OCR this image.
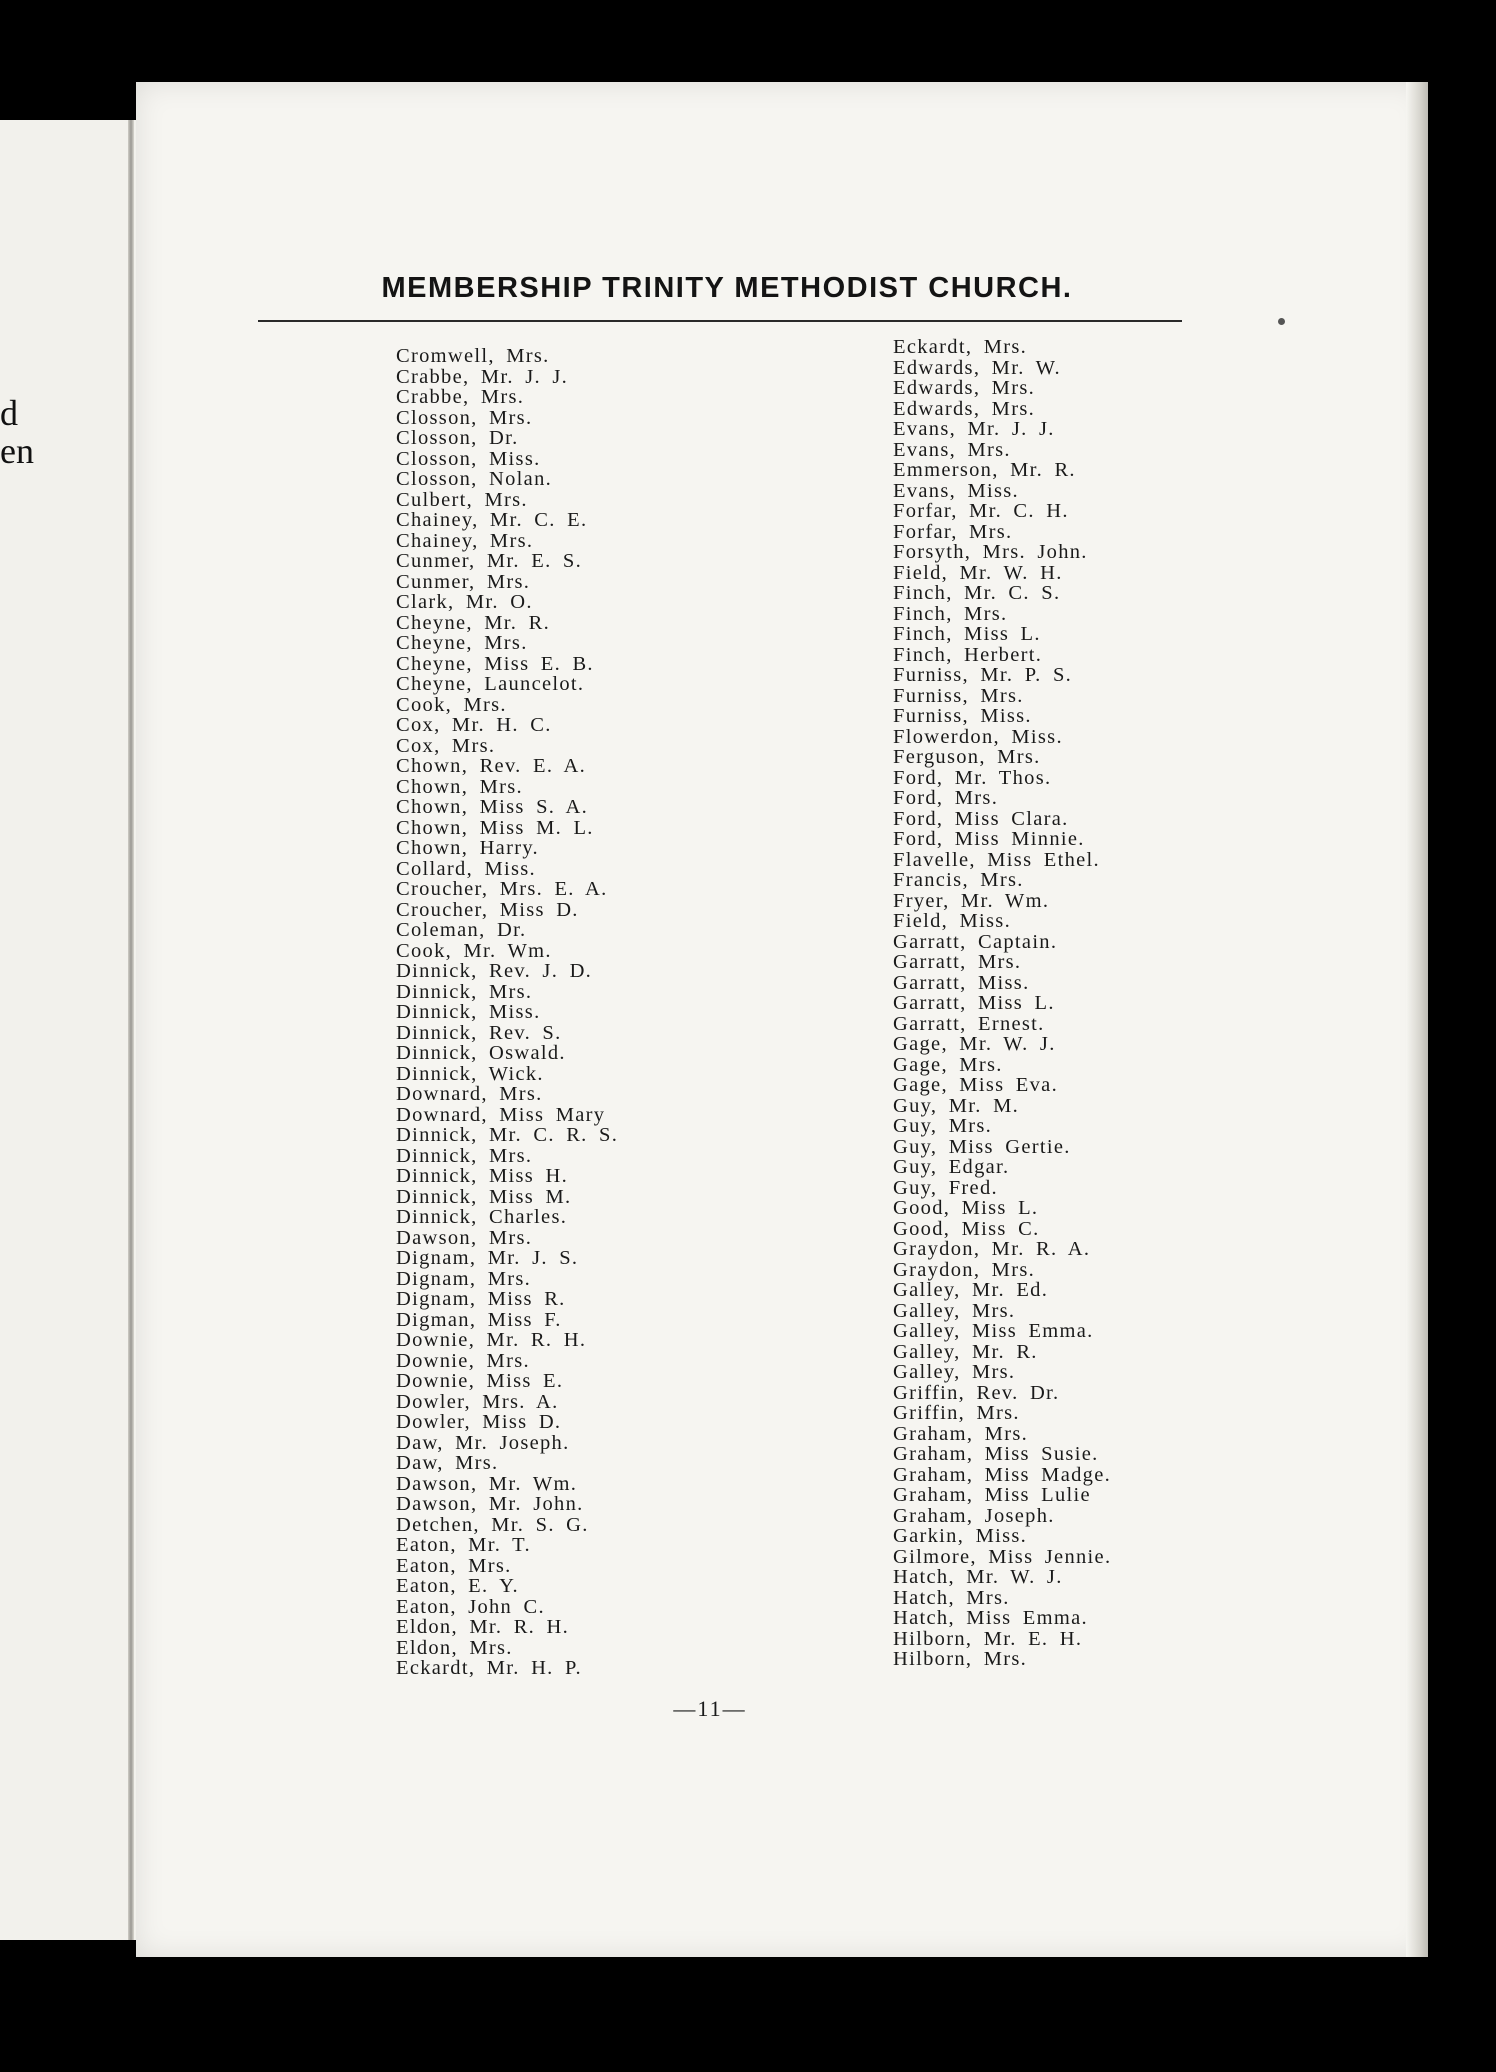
d
en
MEMBERSHIP TRINITY METHODIST CHURCH.
Cromwell, Mrs.
Crabbe, Mr. J. J.
Crabbe, Mrs.
Closson, Mrs.
Closson, Dr.
Closson, Miss.
Closson, Nolan.
Culbert, Mrs.
Chainey, Mr. C. E.
Chainey, Mrs.
Cunmer, Mr. E. S.
Cunmer, Mrs.
Clark, Mr. O.
Cheyne, Mr. R.
Cheyne, Mrs.
Cheyne, Miss E. B.
Cheyne, Launcelot.
Cook, Mrs.
Cox, Mr. H. C.
Cox, Mrs.
Chown, Rev. E. A.
Chown, Mrs.
Chown, Miss S. A.
Chown, Miss M. L.
Chown, Harry.
Collard, Miss.
Croucher, Mrs. E. A.
Croucher, Miss D.
Coleman, Dr.
Cook, Mr. Wm.
Dinnick, Rev. J. D.
Dinnick, Mrs.
Dinnick, Miss.
Dinnick, Rev. S.
Dinnick, Oswald.
Dinnick, Wick.
Downard, Mrs.
Downard, Miss Mary
Dinnick, Mr. C. R. S.
Dinnick, Mrs.
Dinnick, Miss H.
Dinnick, Miss M.
Dinnick, Charles.
Dawson, Mrs.
Dignam, Mr. J. S.
Dignam, Mrs.
Dignam, Miss R.
Digman, Miss F.
Downie, Mr. R. H.
Downie, Mrs.
Downie, Miss E.
Dowler, Mrs. A.
Dowler, Miss D.
Daw, Mr. Joseph.
Daw, Mrs.
Dawson, Mr. Wm.
Dawson, Mr. John.
Detchen, Mr. S. G.
Eaton, Mr. T.
Eaton, Mrs.
Eaton, E. Y.
Eaton, John C.
Eldon, Mr. R. H.
Eldon, Mrs.
Eckardt, Mr. H. P.
Eckardt, Mrs.
Edwards, Mr. W.
Edwards, Mrs.
Edwards, Mrs.
Evans, Mr. J. J.
Evans, Mrs.
Emmerson, Mr. R.
Evans, Miss.
Forfar, Mr. C. H.
Forfar, Mrs.
Forsyth, Mrs. John.
Field, Mr. W. H.
Finch, Mr. C. S.
Finch, Mrs.
Finch, Miss L.
Finch, Herbert.
Furniss, Mr. P. S.
Furniss, Mrs.
Furniss, Miss.
Flowerdon, Miss.
Ferguson, Mrs.
Ford, Mr. Thos.
Ford, Mrs.
Ford, Miss Clara.
Ford, Miss Minnie.
Flavelle, Miss Ethel.
Francis, Mrs.
Fryer, Mr. Wm.
Field, Miss.
Garratt, Captain.
Garratt, Mrs.
Garratt, Miss.
Garratt, Miss L.
Garratt, Ernest.
Gage, Mr. W. J.
Gage, Mrs.
Gage, Miss Eva.
Guy, Mr. M.
Guy, Mrs.
Guy, Miss Gertie.
Guy, Edgar.
Guy, Fred.
Good, Miss L.
Good, Miss C.
Graydon, Mr. R. A.
Graydon, Mrs.
Galley, Mr. Ed.
Galley, Mrs.
Galley, Miss Emma.
Galley, Mr. R.
Galley, Mrs.
Griffin, Rev. Dr.
Griffin, Mrs.
Graham, Mrs.
Graham, Miss Susie.
Graham, Miss Madge.
Graham, Miss Lulie
Graham, Joseph.
Garkin, Miss.
Gilmore, Miss Jennie.
Hatch, Mr. W. J.
Hatch, Mrs.
Hatch, Miss Emma.
Hilborn, Mr. E. H.
Hilborn, Mrs.
—11—
